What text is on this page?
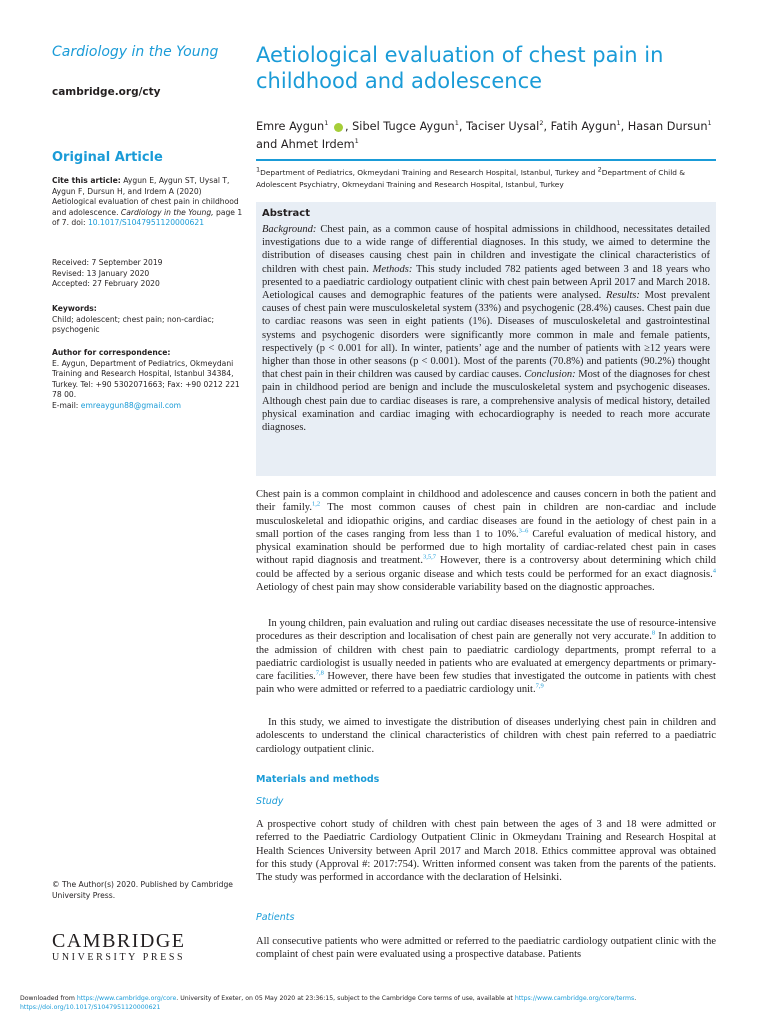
Cardiology in the Young
cambridge.org/cty
Original Article
Cite this article: Aygun E, Aygun ST, Uysal T, Aygun F, Dursun H, and Irdem A (2020) Aetiological evaluation of chest pain in childhood and adolescence. Cardiology in the Young, page 1 of 7. doi: 10.1017/S1047951120000621
Received: 7 September 2019
Revised: 13 January 2020
Accepted: 27 February 2020
Keywords:
Child; adolescent; chest pain; non-cardiac; psychogenic
Author for correspondence:
E. Aygun, Department of Pediatrics, Okmeydani Training and Research Hospital, Istanbul 34384, Turkey. Tel: +90 5302071663; Fax: +90 0212 221 78 00.
E-mail: emreaygun88@gmail.com
© The Author(s) 2020. Published by Cambridge University Press.
CAMBRIDGE
UNIVERSITY PRESS
Aetiological evaluation of chest pain in childhood and adolescence
Emre Aygun$^1$ , Sibel Tugce Aygun$^1$, Taciser Uysal$^2$, Fatih Aygun$^1$, Hasan Dursun$^1$
and Ahmet Irdem$^1$
$^1$Department of Pediatrics, Okmeydani Training and Research Hospital, Istanbul, Turkey and $^2$Department of Child & Adolescent Psychiatry, Okmeydani Training and Research Hospital, Istanbul, Turkey
Abstract
Background: Chest pain, as a common cause of hospital admissions in childhood, necessitates detailed investigations due to a wide range of differential diagnoses. In this study, we aimed to determine the distribution of diseases causing chest pain in children and investigate the clinical characteristics of children with chest pain. Methods: This study included 782 patients aged between 3 and 18 years who presented to a paediatric cardiology outpatient clinic with chest pain between April 2017 and March 2018. Aetiological causes and demographic features of the patients were analysed. Results: Most prevalent causes of chest pain were musculoskeletal system (33%) and psychogenic (28.4%) causes. Chest pain due to cardiac reasons was seen in eight patients (1%). Diseases of musculoskeletal and gastrointestinal systems and psychogenic disorders were significantly more common in male and female patients, respectively (p < 0.001 for all). In winter, patients’ age and the number of patients with ≥12 years were higher than those in other seasons (p < 0.001). Most of the parents (70.8%) and patients (90.2%) thought that chest pain in their children was caused by cardiac causes. Conclusion: Most of the diagnoses for chest pain in childhood period are benign and include the musculoskeletal system and psychogenic diseases. Although chest pain due to cardiac diseases is rare, a comprehensive analysis of medical history, detailed physical examination and cardiac imaging with echocardiography is needed to reach more accurate diagnoses.
Chest pain is a common complaint in childhood and adolescence and causes concern in both the patient and their family.$^{1,2}$ The most common causes of chest pain in children are non-cardiac and include musculoskeletal and idiopathic origins, and cardiac diseases are found in the aetiology of chest pain in a small portion of the cases ranging from less than 1 to 10%.$^{3-6}$ Careful evaluation of medical history, and physical examination should be performed due to high mortality of cardiac-related chest pain in cases without rapid diagnosis and treatment.$^{3,5,7}$ However, there is a controversy about determining which child could be affected by a serious organic disease and which tests could be performed for an exact diagnosis.$^4$ Aetiology of chest pain may show considerable variability based on the diagnostic approaches.
In young children, pain evaluation and ruling out cardiac diseases necessitate the use of resource-intensive procedures as their description and localisation of chest pain are generally not very accurate.$^8$ In addition to the admission of children with chest pain to paediatric cardiology departments, prompt referral to a paediatric cardiologist is usually needed in patients who are evaluated at emergency departments or primary-care facilities.$^{7,8}$ However, there have been few studies that investigated the outcome in patients with chest pain who were admitted or referred to a paediatric cardiology unit.$^{7,9}$
In this study, we aimed to investigate the distribution of diseases underlying chest pain in children and adolescents to understand the clinical characteristics of children with chest pain referred to a paediatric cardiology outpatient clinic.
Materials and methods
Study
A prospective cohort study of children with chest pain between the ages of 3 and 18 were admitted or referred to the Paediatric Cardiology Outpatient Clinic in Okmeydanı Training and Research Hospital at Health Sciences University between April 2017 and March 2018. Ethics committee approval was obtained for this study (Approval #: 2017:754). Written informed consent was taken from the parents of the patients. The study was performed in accordance with the declaration of Helsinki.
Patients
All consecutive patients who were admitted or referred to the paediatric cardiology outpatient clinic with the complaint of chest pain were evaluated using a prospective database. Patients
Downloaded from https://www.cambridge.org/core. University of Exeter, on 05 May 2020 at 23:36:15, subject to the Cambridge Core terms of use, available at https://www.cambridge.org/core/terms.
https://doi.org/10.1017/S1047951120000621
